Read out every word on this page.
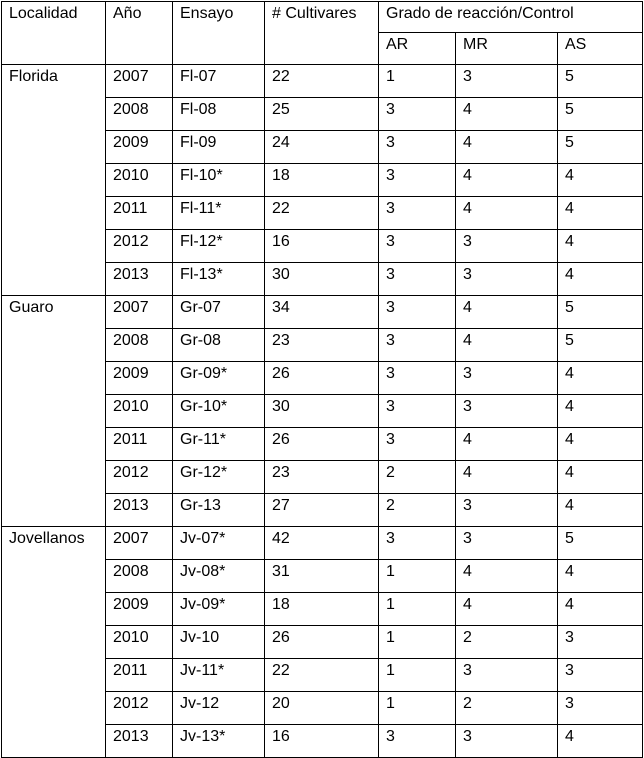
Localidad	Año	Ensayo	# Cultivares	Grado de reacción/Control		
				AR	MR	AS
Florida	2007	Fl-07	22	1	3	5
	2008	Fl-08	25	3	4	5
	2009	Fl-09	24	3	4	5
	2010	Fl-10*	18	3	4	4
	2011	Fl-11*	22	3	4	4
	2012	Fl-12*	16	3	3	4
	2013	Fl-13*	30	3	3	4
Guaro	2007	Gr-07	34	3	4	5
	2008	Gr-08	23	3	4	5
	2009	Gr-09*	26	3	3	4
	2010	Gr-10*	30	3	3	4
	2011	Gr-11*	26	3	4	4
	2012	Gr-12*	23	2	4	4
	2013	Gr-13	27	2	3	4
Jovellanos	2007	Jv-07*	42	3	3	5
	2008	Jv-08*	31	1	4	4
	2009	Jv-09*	18	1	4	4
	2010	Jv-10	26	1	2	3
	2011	Jv-11*	22	1	3	3
	2012	Jv-12	20	1	2	3
	2013	Jv-13*	16	3	3	4
